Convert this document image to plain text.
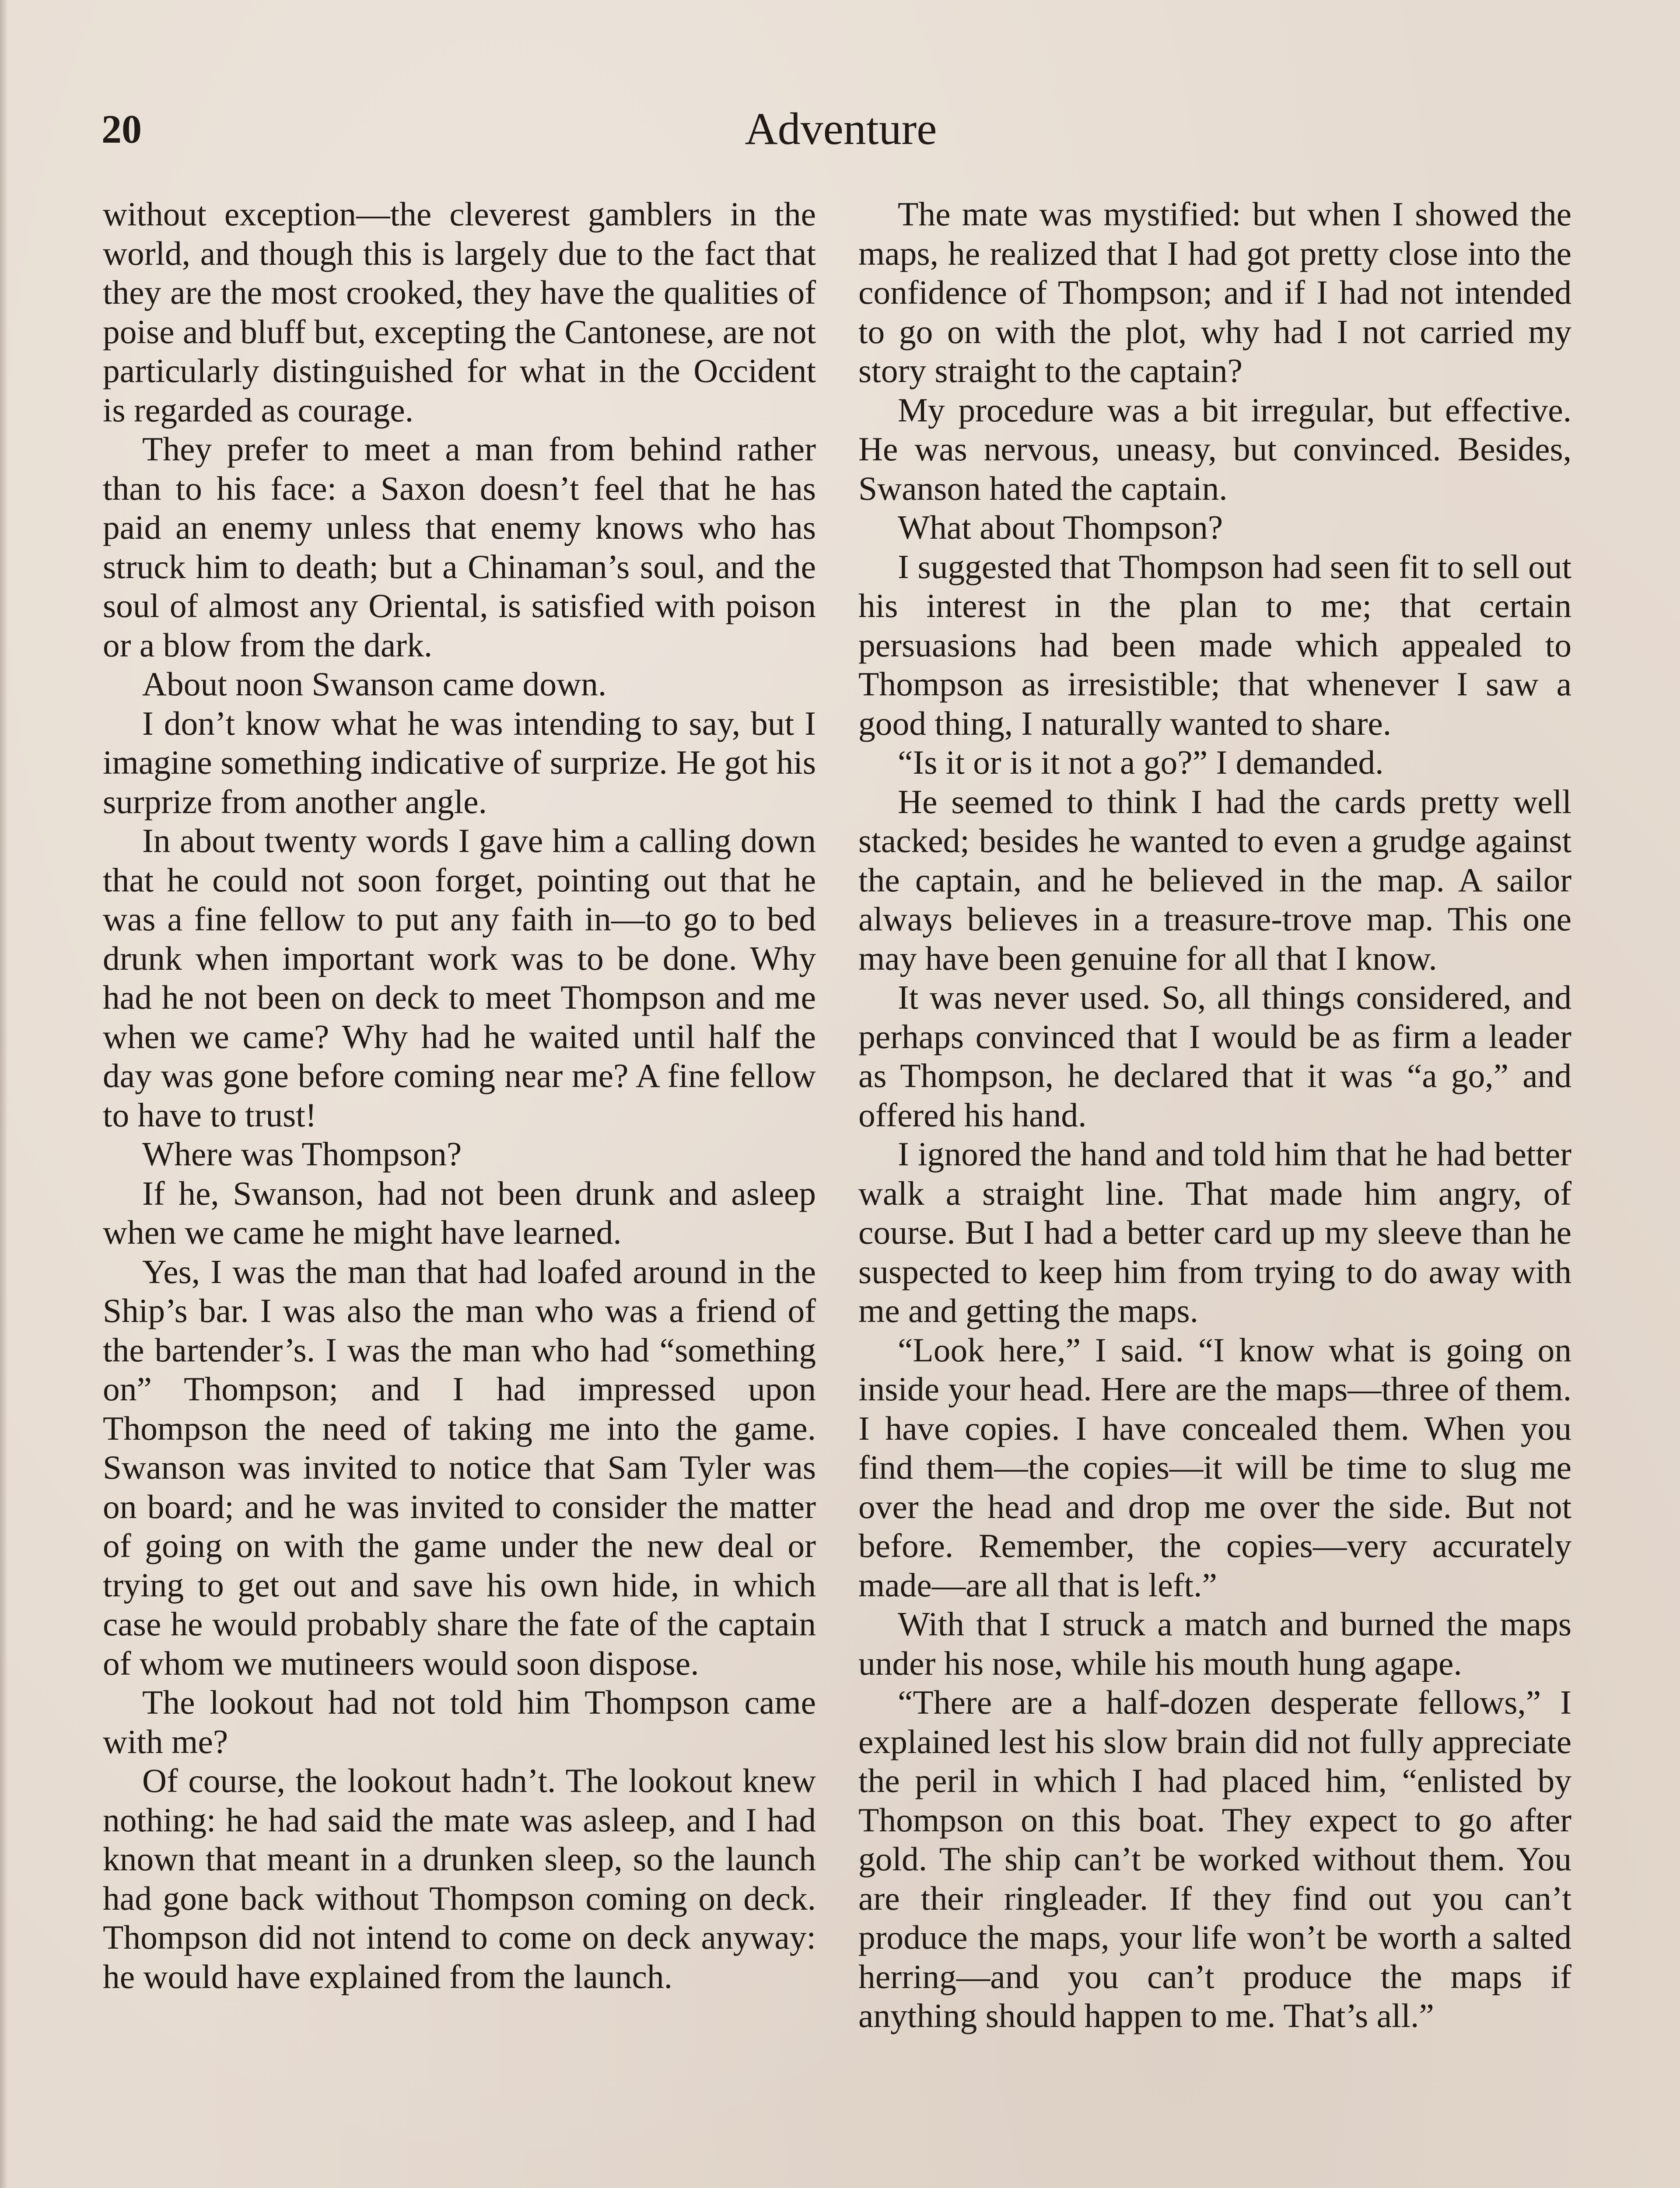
20	Adventure

without exception—the cleverest gamblers in the world, and though this is largely due to the fact that they are the most crooked, they have the qualities of poise and bluff but, excepting the Cantonese, are not particularly distinguished for what in the Occident is regarded as courage.

They prefer to meet a man from behind rather than to his face: a Saxon doesn’t feel that he has paid an enemy unless that enemy knows who has struck him to death; but a Chinaman’s soul, and the soul of almost any Oriental, is satisfied with poison or a blow from the dark.

About noon Swanson came down.

I don’t know what he was intending to say, but I imagine something indicative of surprize. He got his surprize from another angle.

In about twenty words I gave him a calling down that he could not soon forget, pointing out that he was a fine fellow to put any faith in—to go to bed drunk when important work was to be done. Why had he not been on deck to meet Thompson and me when we came? Why had he waited until half the day was gone before coming near me? A fine fellow to have to trust!

Where was Thompson?

If he, Swanson, had not been drunk and asleep when we came he might have learned.

Yes, I was the man that had loafed around in the Ship’s bar. I was also the man who was a friend of the bartender’s. I was the man who had “something on” Thompson; and I had impressed upon Thompson the need of taking me into the game. Swanson was invited to notice that Sam Tyler was on board; and he was invited to consider the matter of going on with the game under the new deal or trying to get out and save his own hide, in which case he would probably share the fate of the captain of whom we mutineers would soon dispose.

The lookout had not told him Thompson came with me?

Of course, the lookout hadn’t. The lookout knew nothing: he had said the mate was asleep, and I had known that meant in a drunken sleep, so the launch had gone back without Thompson coming on deck. Thompson did not intend to come on deck anyway: he would have explained from the launch.

The mate was mystified: but when I showed the maps, he realized that I had got pretty close into the confidence of Thompson; and if I had not intended to go on with the plot, why had I not carried my story straight to the captain?

My procedure was a bit irregular, but effective. He was nervous, uneasy, but convinced. Besides, Swanson hated the captain.

What about Thompson?

I suggested that Thompson had seen fit to sell out his interest in the plan to me; that certain persuasions had been made which appealed to Thompson as irresistible; that whenever I saw a good thing, I naturally wanted to share.

“Is it or is it not a go?” I demanded.

He seemed to think I had the cards pretty well stacked; besides he wanted to even a grudge against the captain, and he believed in the map. A sailor always believes in a treasure-trove map. This one may have been genuine for all that I know.

It was never used. So, all things considered, and perhaps convinced that I would be as firm a leader as Thompson, he declared that it was “a go,” and offered his hand.

I ignored the hand and told him that he had better walk a straight line. That made him angry, of course. But I had a better card up my sleeve than he suspected to keep him from trying to do away with me and getting the maps.

“Look here,” I said. “I know what is going on inside your head. Here are the maps—three of them. I have copies. I have concealed them. When you find them—the copies—it will be time to slug me over the head and drop me over the side. But not before. Remember, the copies—very accurately made—are all that is left.”

With that I struck a match and burned the maps under his nose, while his mouth hung agape.

“There are a half-dozen desperate fellows,” I explained lest his slow brain did not fully appreciate the peril in which I had placed him, “enlisted by Thompson on this boat. They expect to go after gold. The ship can’t be worked without them. You are their ringleader. If they find out you can’t produce the maps, your life won’t be worth a salted herring—and you can’t produce the maps if anything should happen to me. That’s all.”
